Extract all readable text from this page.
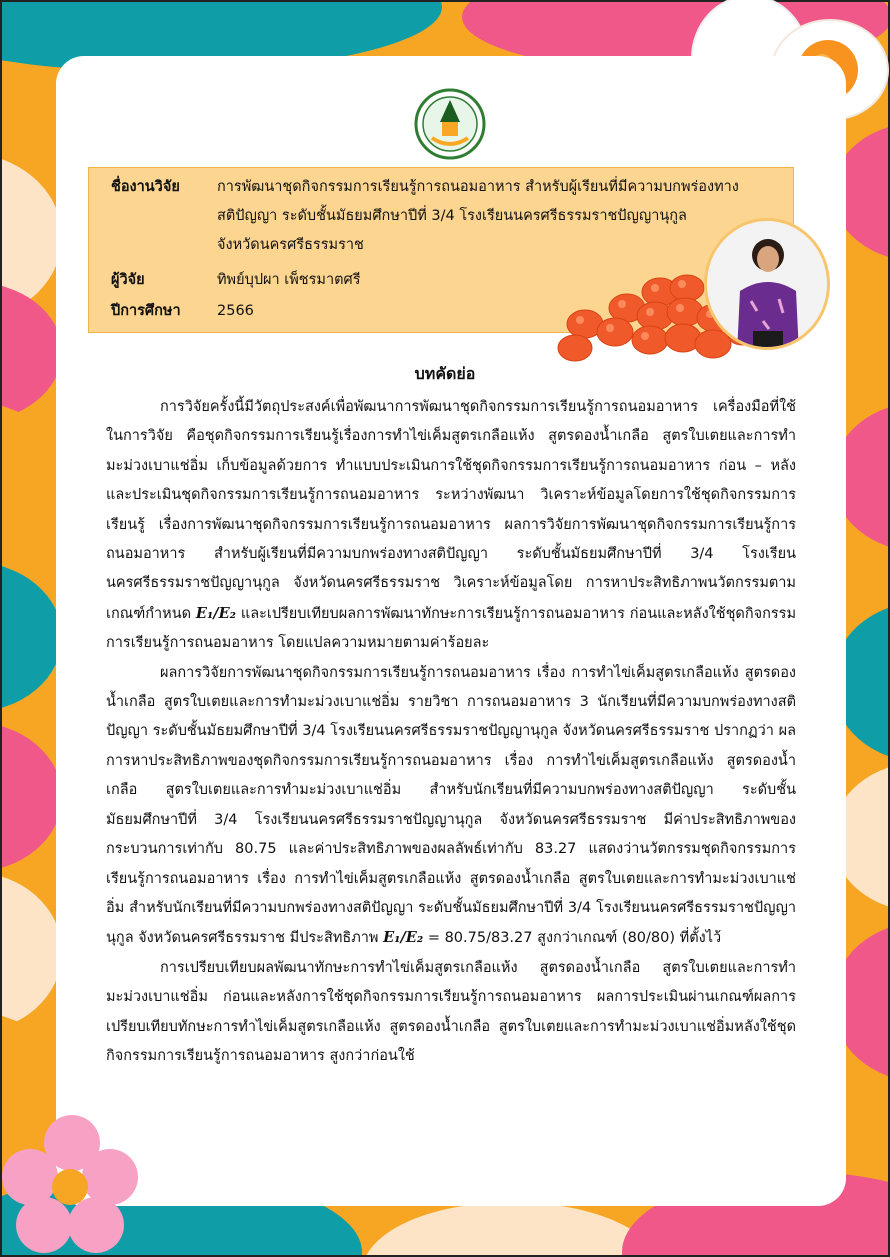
ชื่องานวิจัย	การพัฒนาชุดกิจกรรมการเรียนรู้การถนอมอาหาร สำหรับผู้เรียนที่มีความบกพร่องทาง
สติปัญญา ระดับชั้นมัธยมศึกษาปีที่ 3/4 โรงเรียนนครศรีธรรมราชปัญญานุกูล
จังหวัดนครศรีธรรมราช
ผู้วิจัย	ทิพย์บุปผา เพ็ชรมาตศรี
ปีการศึกษา	2566
บทคัดย่อ

การวิจัยครั้งนี้มีวัตถุประสงค์เพื่อพัฒนาการพัฒนาชุดกิจกรรมการเรียนรู้การถนอมอาหาร เครื่องมือที่ใช้ในการวิจัย คือชุดกิจกรรมการเรียนรู้เรื่องการทำไข่เค็มสูตรเกลือแห้ง สูตรดองน้ำเกลือ สูตรใบเตยและการทำมะม่วงเบาแช่อิ่ม เก็บข้อมูลด้วยการ ทำแบบประเมินการใช้ชุดกิจกรรมการเรียนรู้การถนอมอาหาร ก่อน – หลัง และประเมินชุดกิจกรรมการเรียนรู้การถนอมอาหาร ระหว่างพัฒนา วิเคราะห์ข้อมูลโดยการใช้ชุดกิจกรรมการเรียนรู้ เรื่องการพัฒนาชุดกิจกรรมการเรียนรู้การถนอมอาหาร ผลการวิจัยการพัฒนาชุดกิจกรรมการเรียนรู้การถนอมอาหาร สำหรับผู้เรียนที่มีความบกพร่องทางสติปัญญา ระดับชั้นมัธยมศึกษาปีที่ 3/4 โรงเรียนนครศรีธรรมราชปัญญานุกูล จังหวัดนครศรีธรรมราช วิเคราะห์ข้อมูลโดย การหาประสิทธิภาพนวัตกรรมตามเกณฑ์กำหนด E₁/E₂ และเปรียบเทียบผลการพัฒนาทักษะการเรียนรู้การถนอมอาหาร ก่อนและหลังใช้ชุดกิจกรรมการเรียนรู้การถนอมอาหาร โดยแปลความหมายตามค่าร้อยละ

ผลการวิจัยการพัฒนาชุดกิจกรรมการเรียนรู้การถนอมอาหาร เรื่อง การทำไข่เค็มสูตรเกลือแห้ง สูตรดองน้ำเกลือ สูตรใบเตยและการทำมะม่วงเบาแช่อิ่ม รายวิชา การถนอมอาหาร 3 นักเรียนที่มีความบกพร่องทางสติปัญญา ระดับชั้นมัธยมศึกษาปีที่ 3/4 โรงเรียนนครศรีธรรมราชปัญญานุกูล จังหวัดนครศรีธรรมราช ปรากฏว่า ผลการหาประสิทธิภาพของชุดกิจกรรมการเรียนรู้การถนอมอาหาร เรื่อง การทำไข่เค็มสูตรเกลือแห้ง สูตรดองน้ำเกลือ สูตรใบเตยและการทำมะม่วงเบาแช่อิ่ม สำหรับนักเรียนที่มีความบกพร่องทางสติปัญญา ระดับชั้นมัธยมศึกษาปีที่ 3/4 โรงเรียนนครศรีธรรมราชปัญญานุกูล จังหวัดนครศรีธรรมราช มีค่าประสิทธิภาพของกระบวนการเท่ากับ 80.75 และค่าประสิทธิภาพของผลลัพธ์เท่ากับ 83.27 แสดงว่านวัตกรรมชุดกิจกรรมการเรียนรู้การถนอมอาหาร เรื่อง การทำไข่เค็มสูตรเกลือแห้ง สูตรดองน้ำเกลือ สูตรใบเตยและการทำมะม่วงเบาแช่อิ่ม สำหรับนักเรียนที่มีความบกพร่องทางสติปัญญา ระดับชั้นมัธยมศึกษาปีที่ 3/4 โรงเรียนนครศรีธรรมราชปัญญานุกูล จังหวัดนครศรีธรรมราช มีประสิทธิภาพ E₁/E₂ = 80.75/83.27 สูงกว่าเกณฑ์ (80/80) ที่ตั้งไว้

การเปรียบเทียบผลพัฒนาทักษะการทำไข่เค็มสูตรเกลือแห้ง สูตรดองน้ำเกลือ สูตรใบเตยและการทำมะม่วงเบาแช่อิ่ม ก่อนและหลังการใช้ชุดกิจกรรมการเรียนรู้การถนอมอาหาร ผลการประเมินผ่านเกณฑ์ผลการเปรียบเทียบทักษะการทำไข่เค็มสูตรเกลือแห้ง สูตรดองน้ำเกลือ สูตรใบเตยและการทำมะม่วงเบาแช่อิ่มหลังใช้ชุดกิจกรรมการเรียนรู้การถนอมอาหาร สูงกว่าก่อนใช้
